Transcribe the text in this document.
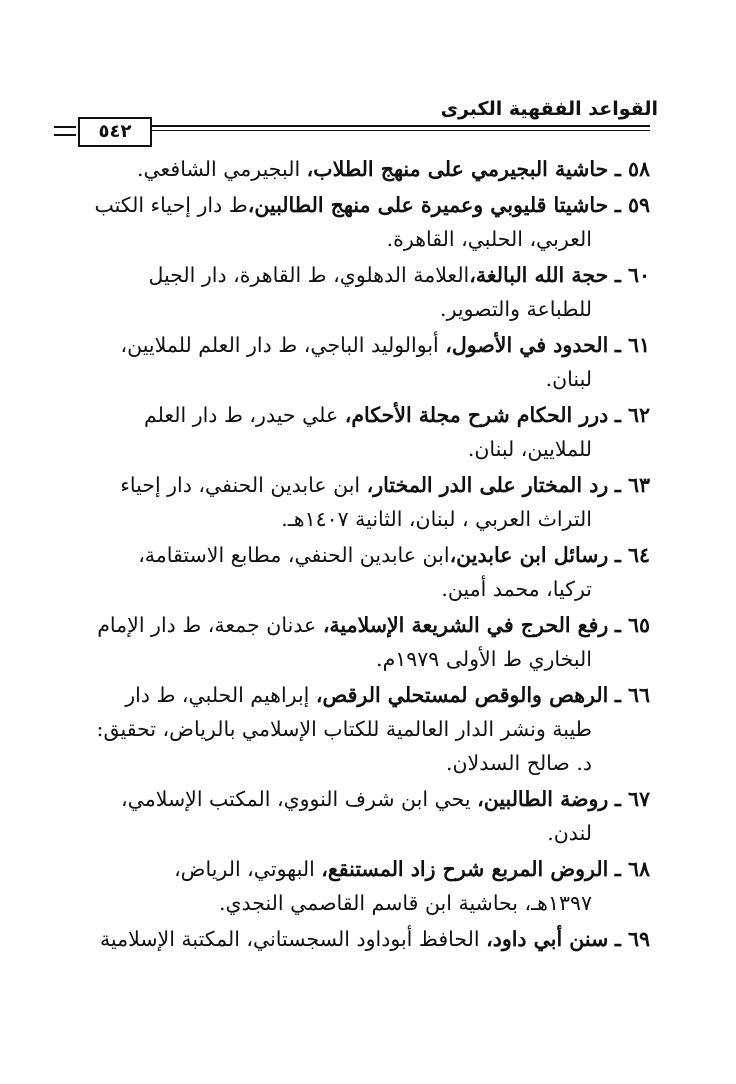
القواعد الفقهية الكبرى
٥٤٢
٥٨ ـ حاشية البجيرمي على منهج الطلاب، البجيرمي الشافعي.
٥٩ ـ حاشيتا قليوبي وعميرة على منهج الطالبين،ط دار إحياء الكتب
العربي، الحلبي، القاهرة.
٦٠ ـ حجة الله البالغة،العلامة الدهلوي، ط القاهرة، دار الجيل
للطباعة والتصوير.
٦١ ـ الحدود في الأصول، أبوالوليد الباجي، ط دار العلم للملايين،
لبنان.
٦٢ ـ درر الحكام شرح مجلة الأحكام، علي حيدر، ط دار العلم
للملايين، لبنان.
٦٣ ـ رد المختار على الدر المختار، ابن عابدين الحنفي، دار إحياء
التراث العربي ، لبنان، الثانية ١٤٠٧هـ.
٦٤ ـ رسائل ابن عابدين،ابن عابدين الحنفي، مطابع الاستقامة،
تركيا، محمد أمين.
٦٥ ـ رفع الحرج في الشريعة الإسلامية، عدنان جمعة، ط دار الإمام
البخاري ط الأولى ١٩٧٩م.
٦٦ ـ الرهص والوقص لمستحلي الرقص، إبراهيم الحلبي، ط دار
طيبة ونشر الدار العالمية للكتاب الإسلامي بالرياض، تحقيق:
د. صالح السدلان.
٦٧ ـ روضة الطالبين، يحي ابن شرف النووي، المكتب الإسلامي،
لندن.
٦٨ ـ الروض المربع شرح زاد المستنقع، البهوتي، الرياض،
١٣٩٧هـ، بحاشية ابن قاسم القاصمي النجدي.
٦٩ ـ سنن أبي داود، الحافظ أبوداود السجستاني، المكتبة الإسلامية
